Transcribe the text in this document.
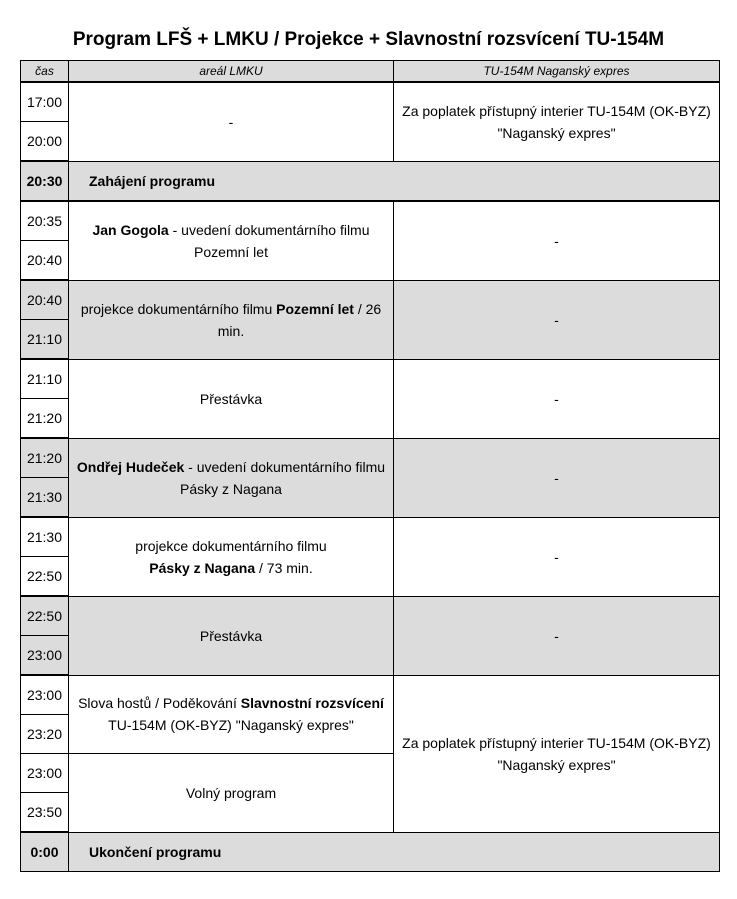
Program LFŠ + LMKU / Projekce + Slavnostní rozsvícení TU-154M
čas	areál LMKU	TU-154M Naganský expres
17:00	-	Za poplatek přístupný interier TU-154M (OK-BYZ) "Naganský expres"
20:00		
20:30	Zahájení programu	
20:35	Jan Gogola - uvedení dokumentárního filmu Pozemní let	-
20:40		
20:40	projekce dokumentárního filmu Pozemní let / 26 min.	-
21:10		
21:10	Přestávka	-
21:20		
21:20	Ondřej Hudeček - uvedení dokumentárního filmu Pásky z Nagana	-
21:30		
21:30	projekce dokumentárního filmu
Pásky z Nagana / 73 min.	-
22:50		
22:50	Přestávka	-
23:00		
23:00	Slova hostů / Poděkování Slavnostní rozsvícení TU-154M (OK-BYZ) "Naganský expres"	Za poplatek přístupný interier TU-154M (OK-BYZ) "Naganský expres"
23:20		
23:00	Volný program	
23:50		
0:00	Ukončení programu	
